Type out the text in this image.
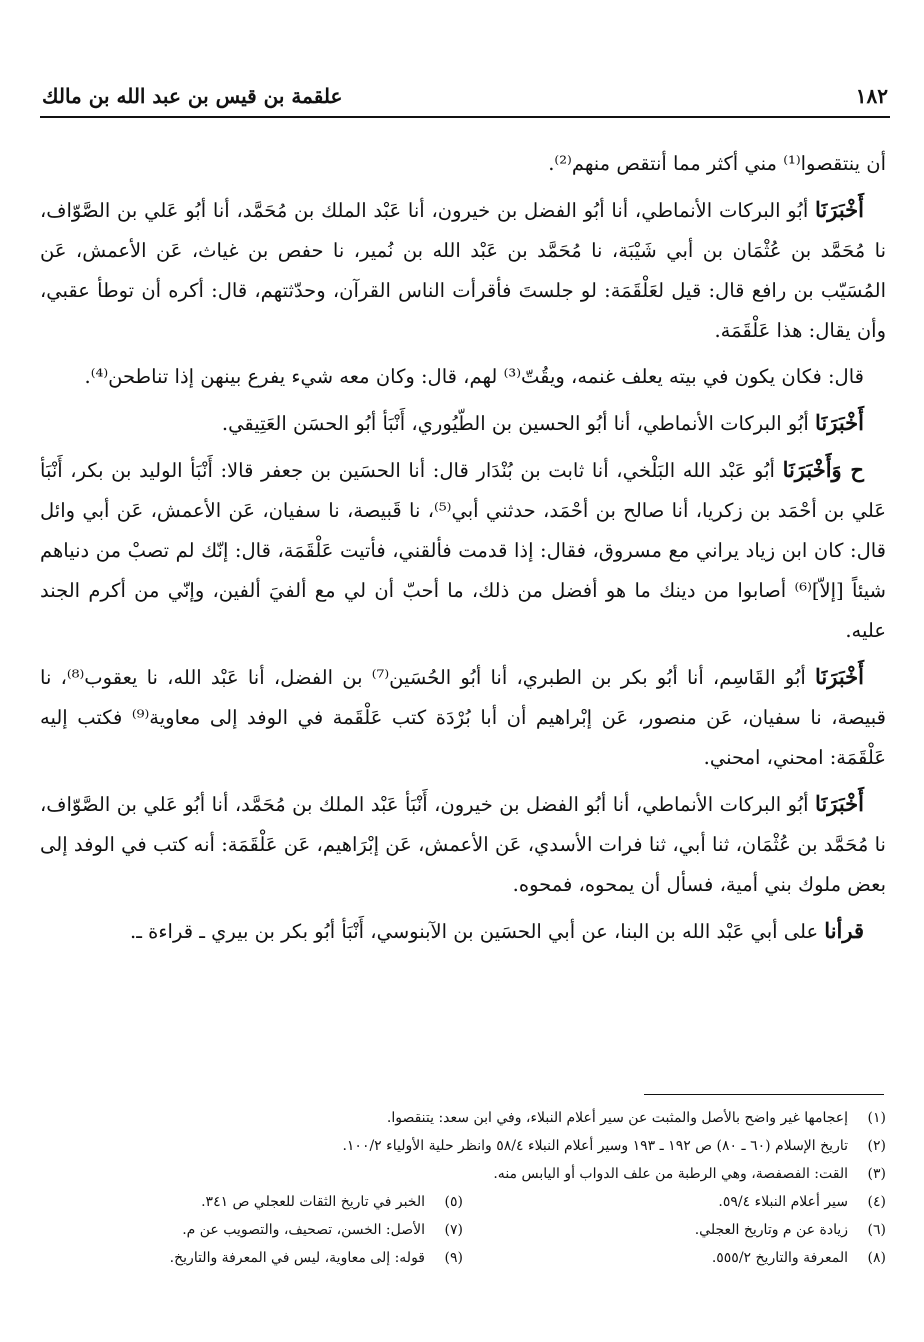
١٨٢
علقمة بن قيس بن عبد الله بن مالك

أن ينتقصوا⁽¹⁾ مني أكثر مما أنتقص منهم⁽²⁾.

أَخْبَرَنَا أبُو البركات الأنماطي، أنا أبُو الفضل بن خيرون، أنا عَبْد الملك بن مُحَمَّد، أنا أبُو عَلي بن الصَّوّاف، نا مُحَمَّد بن عُثْمَان بن أبي شَيْبَة، نا مُحَمَّد بن عَبْد الله بن نُمير، نا حفص بن غياث، عَن الأعمش، عَن المُسَيّب بن رافع قال: قيل لعَلْقَمَة: لو جلستَ فأقرأت الناس القرآن، وحدّثتهم، قال: أكره أن توطأ عقبي، وأن يقال: هذا عَلْقَمَة.

قال: فكان يكون في بيته يعلف غنمه، ويقُتّ⁽³⁾ لهم، قال: وكان معه شيء يفرع بينهن إذا تناطحن⁽⁴⁾.

أَخْبَرَنَا أبُو البركات الأنماطي، أنا أبُو الحسين بن الطّيُوري، أَنْبَأ أبُو الحسَن العَتِيقي.

ح وَأَخْبَرَنَا أبُو عَبْد الله البَلْخي، أنا ثابت بن بُنْدَار قال: أنا الحسَين بن جعفر قالا: أَنْبَأ الوليد بن بكر، أَنْبَأ عَلي بن أحْمَد بن زكريا، أنا صالح بن أحْمَد، حدثني أبي⁽⁵⁾، نا قَبيصة، نا سفيان، عَن الأعمش، عَن أبي وائل قال: كان ابن زياد يراني مع مسروق، فقال: إذا قدمت فألقني، فأتيت عَلْقَمَة، قال: إنّك لم تصبْ من دنياهم شيئاً [إلاّ]⁽⁶⁾ أصابوا من دينك ما هو أفضل من ذلك، ما أحبّ أن لي مع ألفيَ ألفين، وإنّي من أكرم الجند عليه.

أَخْبَرَنَا أبُو القَاسِم، أنا أبُو بكر بن الطبري، أنا أبُو الحُسَين⁽⁷⁾ بن الفضل، أنا عَبْد الله، نا يعقوب⁽⁸⁾، نا قبيصة، نا سفيان، عَن منصور، عَن إبْراهيم أن أبا بُرْدَة كتب عَلْقَمة في الوفد إلى معاوية⁽⁹⁾ فكتب إليه عَلْقَمَة: امحني، امحني.

أَخْبَرَنَا أبُو البركات الأنماطي، أنا أبُو الفضل بن خيرون، أَنْبَأ عَبْد الملك بن مُحَمَّد، أنا أبُو عَلي بن الصَّوّاف، نا مُحَمَّد بن عُثْمَان، ثنا أبي، ثنا فرات الأسدي، عَن الأعمش، عَن إبْرَاهيم، عَن عَلْقَمَة: أنه كتب في الوفد إلى بعض ملوك بني أمية، فسأل أن يمحوه، فمحوه.

قرأنا على أبي عَبْد الله بن البنا، عن أبي الحسَين بن الآبنوسي، أَنْبَأ أبُو بكر بن بيري ـ قراءة ـ.

(١)إعجامها غير واضح بالأصل والمثبت عن سير أعلام النبلاء، وفي ابن سعد: يتنقصوا.
(٢)تاريخ الإسلام (٦٠ ـ ٨٠) ص ١٩٢ ـ ١٩٣ وسير أعلام النبلاء ٥٨/٤ وانظر حلية الأولياء ١٠٠/٢.
(٣)القت: الفصفصة، وهي الرطبة من علف الدواب أو اليابس منه.
(٤)سير أعلام النبلاء ٥٩/٤.
(٥)الخبر في تاريخ الثقات للعجلي ص ٣٤١.
(٦)زيادة عن م وتاريخ العجلي.
(٧)الأصل: الخسن، تصحيف، والتصويب عن م.
(٨)المعرفة والتاريخ ٥٥٥/٢.
(٩)قوله: إلى معاوية، ليس في المعرفة والتاريخ.
